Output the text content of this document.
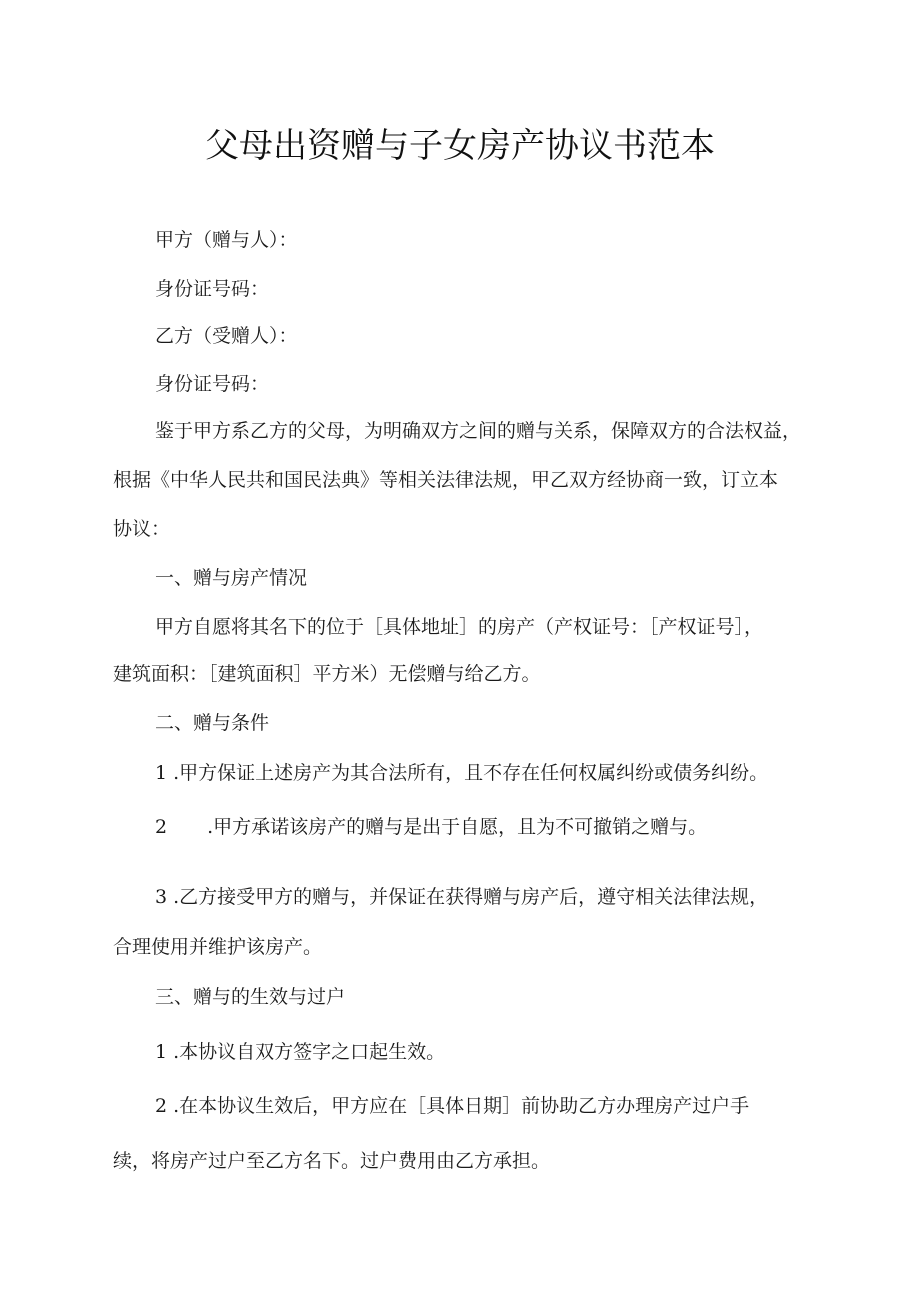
父母出资赠与子女房产协议书范本
甲方（赠与人）：
身份证号码：
乙方（受赠人）：
身份证号码：
鉴于甲方系乙方的父母，为明确双方之间的赠与关系，保障双方的合法权益，
根据《中华人民共和国民法典》等相关法律法规，甲乙双方经协商一致，订立本
协议：
一、赠与房产情况
甲方自愿将其名下的位于［具体地址］的房产（产权证号：［产权证号］，
建筑面积：［建筑面积］平方米）无偿赠与给乙方。
二、赠与条件
1 .甲方保证上述房产为其合法所有，且不存在任何权属纠纷或债务纠纷。
2 .甲方承诺该房产的赠与是出于自愿，且为不可撤销之赠与。
3 .乙方接受甲方的赠与，并保证在获得赠与房产后，遵守相关法律法规，
合理使用并维护该房产。
三、赠与的生效与过户
1 .本协议自双方签字之口起生效。
2 .在本协议生效后，甲方应在［具体日期］前协助乙方办理房产过户手
续，将房产过户至乙方名下。过户费用由乙方承担。
